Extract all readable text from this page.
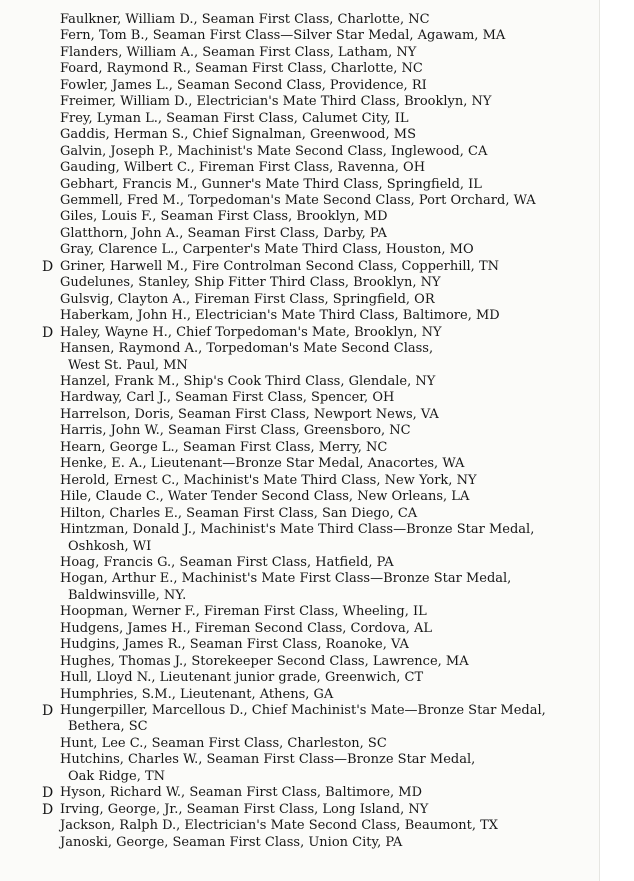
Faulkner, William D., Seaman First Class, Charlotte, NC
Fern, Tom B., Seaman First Class—Silver Star Medal, Agawam, MA
Flanders, William A., Seaman First Class, Latham, NY
Foard, Raymond R., Seaman First Class, Charlotte, NC
Fowler, James L., Seaman Second Class, Providence, RI
Freimer, William D., Electrician's Mate Third Class, Brooklyn, NY
Frey, Lyman L., Seaman First Class, Calumet City, IL
Gaddis, Herman S., Chief Signalman, Greenwood, MS
Galvin, Joseph P., Machinist's Mate Second Class, Inglewood, CA
Gauding, Wilbert C., Fireman First Class, Ravenna, OH
Gebhart, Francis M., Gunner's Mate Third Class, Springfield, IL
Gemmell, Fred M., Torpedoman's Mate Second Class, Port Orchard, WA
Giles, Louis F., Seaman First Class, Brooklyn, MD
Glatthorn, John A., Seaman First Class, Darby, PA
Gray, Clarence L., Carpenter's Mate Third Class, Houston, MO
D Griner, Harwell M., Fire Controlman Second Class, Copperhill, TN
Gudelunes, Stanley, Ship Fitter Third Class, Brooklyn, NY
Gulsvig, Clayton A., Fireman First Class, Springfield, OR
Haberkam, John H., Electrician's Mate Third Class, Baltimore, MD
D Haley, Wayne H., Chief Torpedoman's Mate, Brooklyn, NY
Hansen, Raymond A., Torpedoman's Mate Second Class,
West St. Paul, MN
Hanzel, Frank M., Ship's Cook Third Class, Glendale, NY
Hardway, Carl J., Seaman First Class, Spencer, OH
Harrelson, Doris, Seaman First Class, Newport News, VA
Harris, John W., Seaman First Class, Greensboro, NC
Hearn, George L., Seaman First Class, Merry, NC
Henke, E. A., Lieutenant—Bronze Star Medal, Anacortes, WA
Herold, Ernest C., Machinist's Mate Third Class, New York, NY
Hile, Claude C., Water Tender Second Class, New Orleans, LA
Hilton, Charles E., Seaman First Class, San Diego, CA
Hintzman, Donald J., Machinist's Mate Third Class—Bronze Star Medal,
Oshkosh, WI
Hoag, Francis G., Seaman First Class, Hatfield, PA
Hogan, Arthur E., Machinist's Mate First Class—Bronze Star Medal,
Baldwinsville, NY.
Hoopman, Werner F., Fireman First Class, Wheeling, IL
Hudgens, James H., Fireman Second Class, Cordova, AL
Hudgins, James R., Seaman First Class, Roanoke, VA
Hughes, Thomas J., Storekeeper Second Class, Lawrence, MA
Hull, Lloyd N., Lieutenant junior grade, Greenwich, CT
Humphries, S.M., Lieutenant, Athens, GA
D Hungerpiller, Marcellous D., Chief Machinist's Mate—Bronze Star Medal,
Bethera, SC
Hunt, Lee C., Seaman First Class, Charleston, SC
Hutchins, Charles W., Seaman First Class—Bronze Star Medal,
Oak Ridge, TN
D Hyson, Richard W., Seaman First Class, Baltimore, MD
D Irving, George, Jr., Seaman First Class, Long Island, NY
Jackson, Ralph D., Electrician's Mate Second Class, Beaumont, TX
Janoski, George, Seaman First Class, Union City, PA
